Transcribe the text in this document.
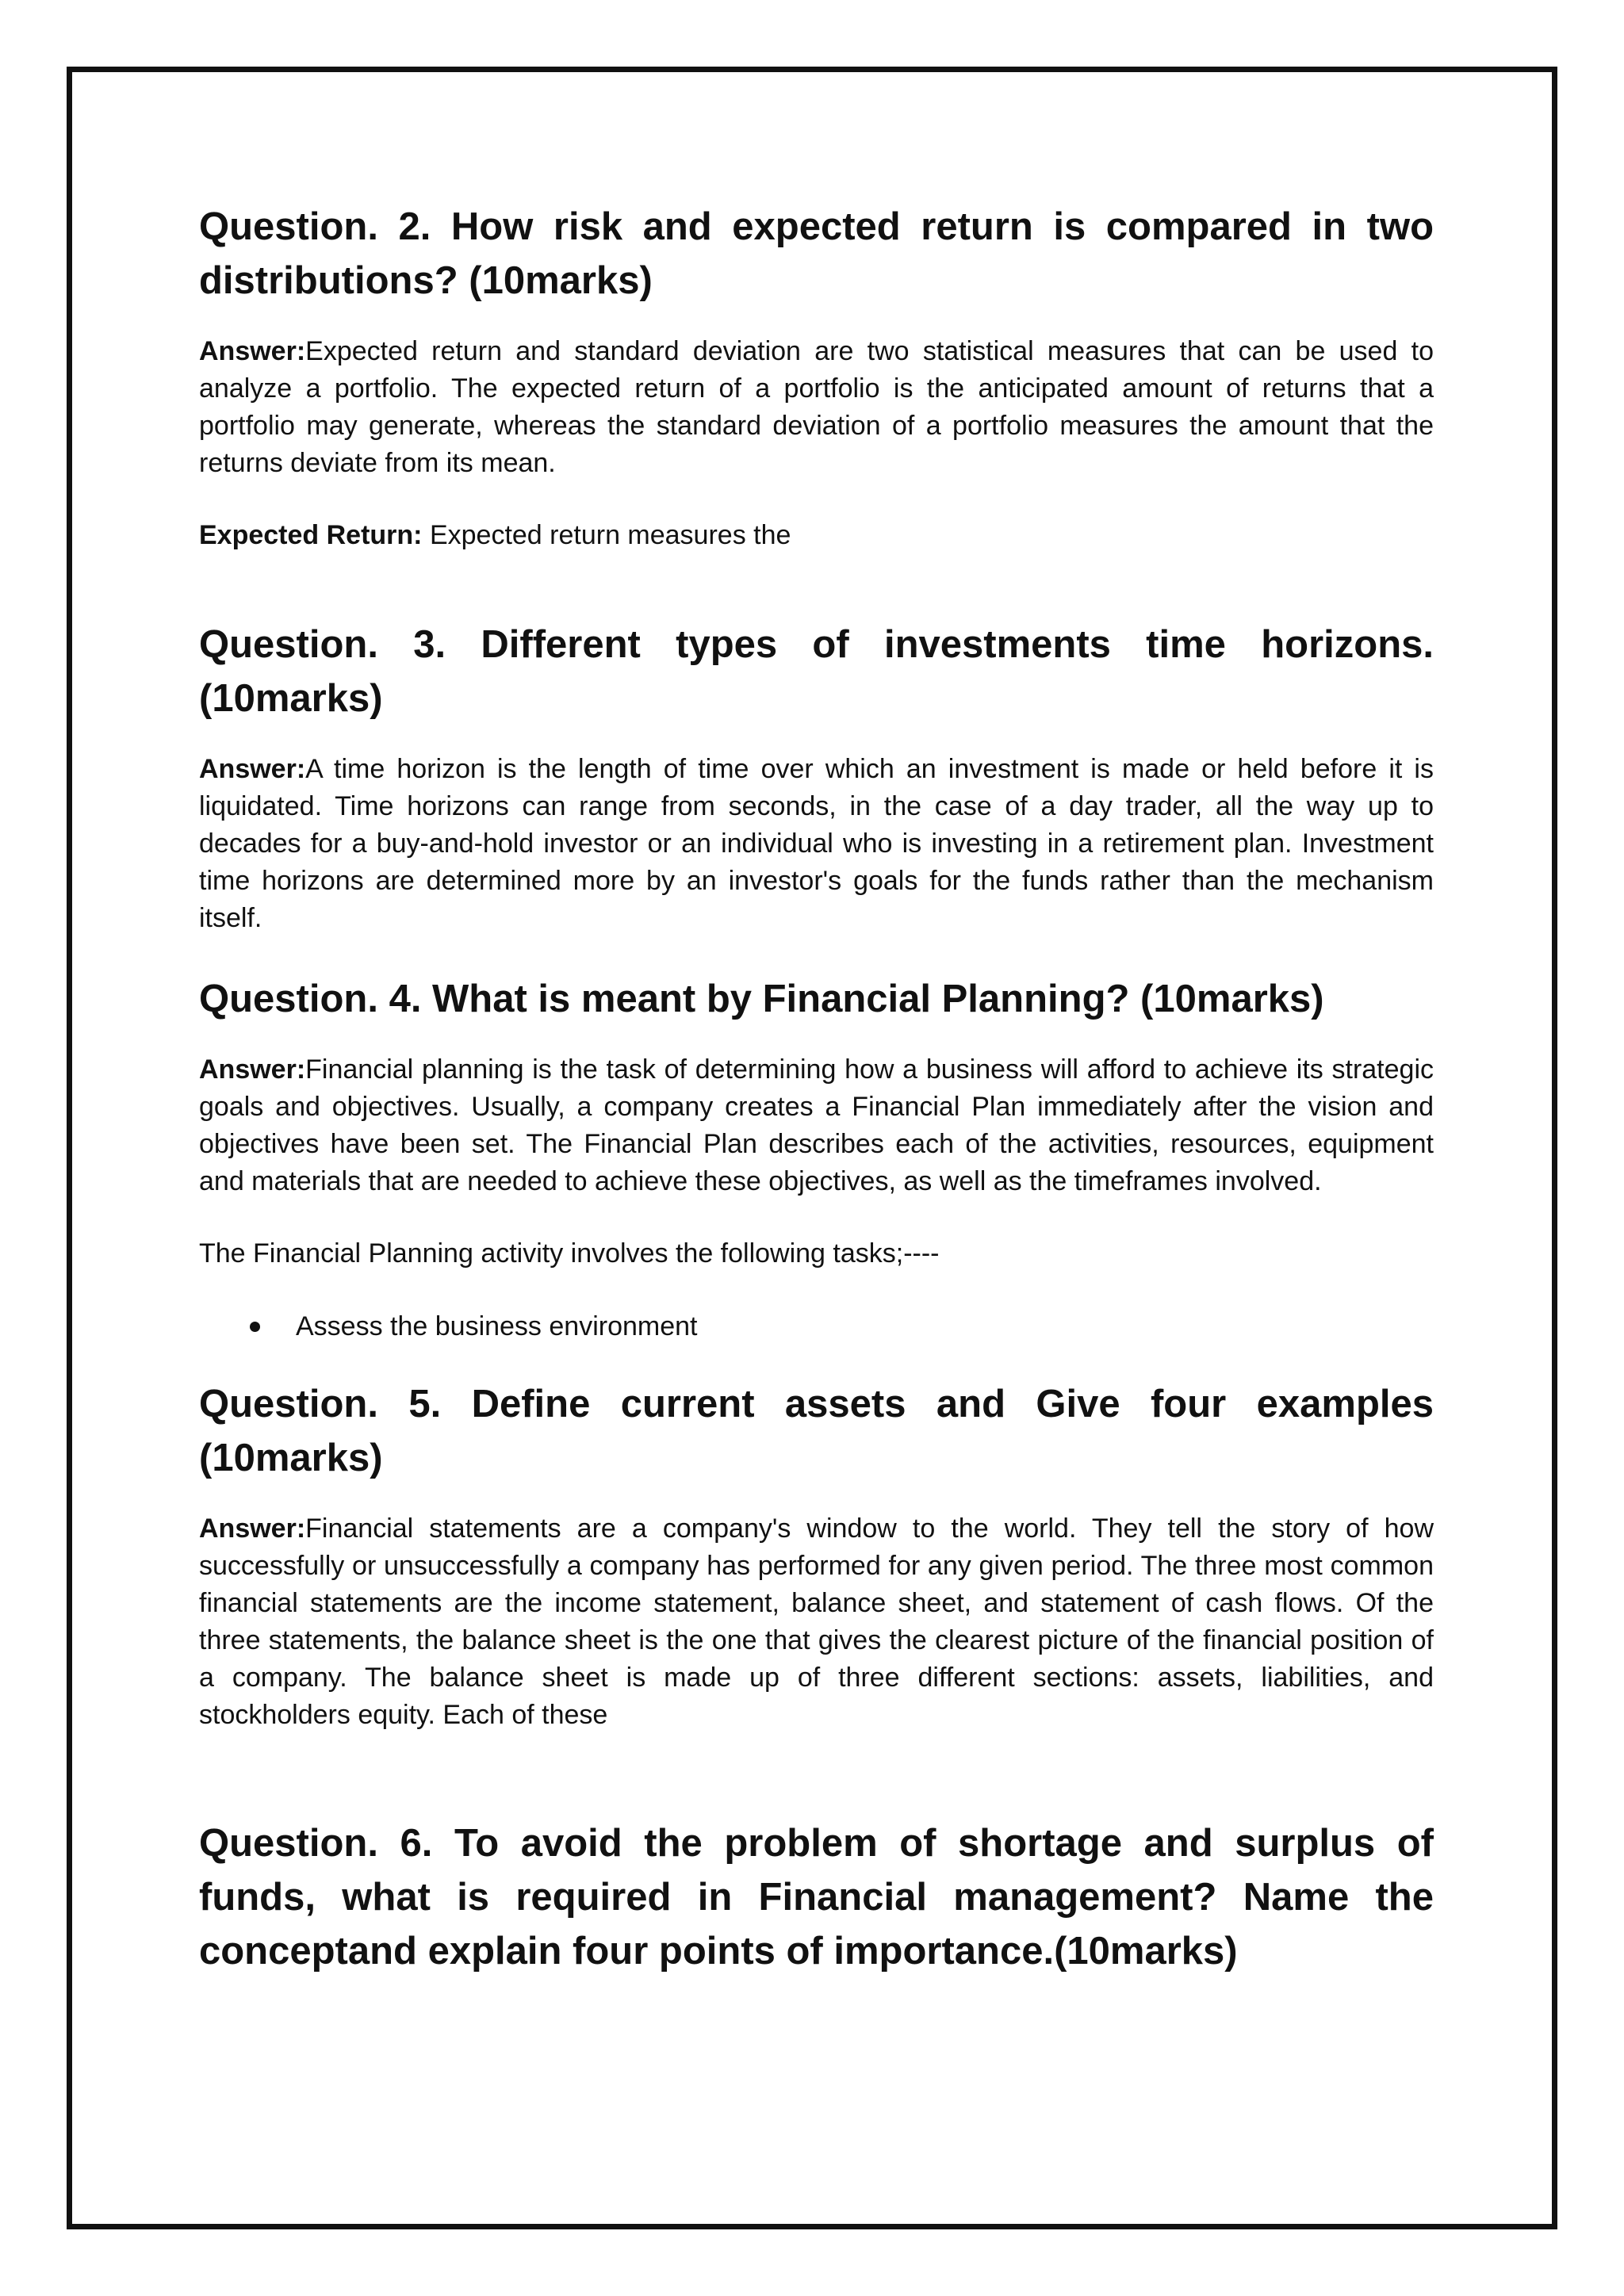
Question. 2. How risk and expected return is compared in two distributions? (10marks)

Answer:Expected return and standard deviation are two statistical measures that can be used to analyze a portfolio. The expected return of a portfolio is the anticipated amount of returns that a portfolio may generate, whereas the standard deviation of a portfolio measures the amount that the returns deviate from its mean.

Expected Return: Expected return measures the

Question. 3. Different types of investments time horizons. (10marks)

Answer:A time horizon is the length of time over which an investment is made or held before it is liquidated. Time horizons can range from seconds, in the case of a day trader, all the way up to decades for a buy-and-hold investor or an individual who is investing in a retirement plan. Investment time horizons are determined more by an investor's goals for the funds rather than the mechanism itself.

Question. 4. What is meant by Financial Planning? (10marks)

Answer:Financial planning is the task of determining how a business will afford to achieve its strategic goals and objectives. Usually, a company creates a Financial Plan immediately after the vision and objectives have been set. The Financial Plan describes each of the activities, resources, equipment and materials that are needed to achieve these objectives, as well as the timeframes involved.

The Financial Planning activity involves the following tasks;----

Assess the business environment
Question. 5. Define current assets and Give four examples (10marks)

Answer:Financial statements are a company's window to the world. They tell the story of how successfully or unsuccessfully a company has performed for any given period. The three most common financial statements are the income statement, balance sheet, and statement of cash flows. Of the three statements, the balance sheet is the one that gives the clearest picture of the financial position of a company. The balance sheet is made up of three different sections: assets, liabilities, and stockholders equity. Each of these

Question. 6. To avoid the problem of shortage and surplus of funds, what is required in Financial management? Name the conceptand explain four points of importance.(10marks)
